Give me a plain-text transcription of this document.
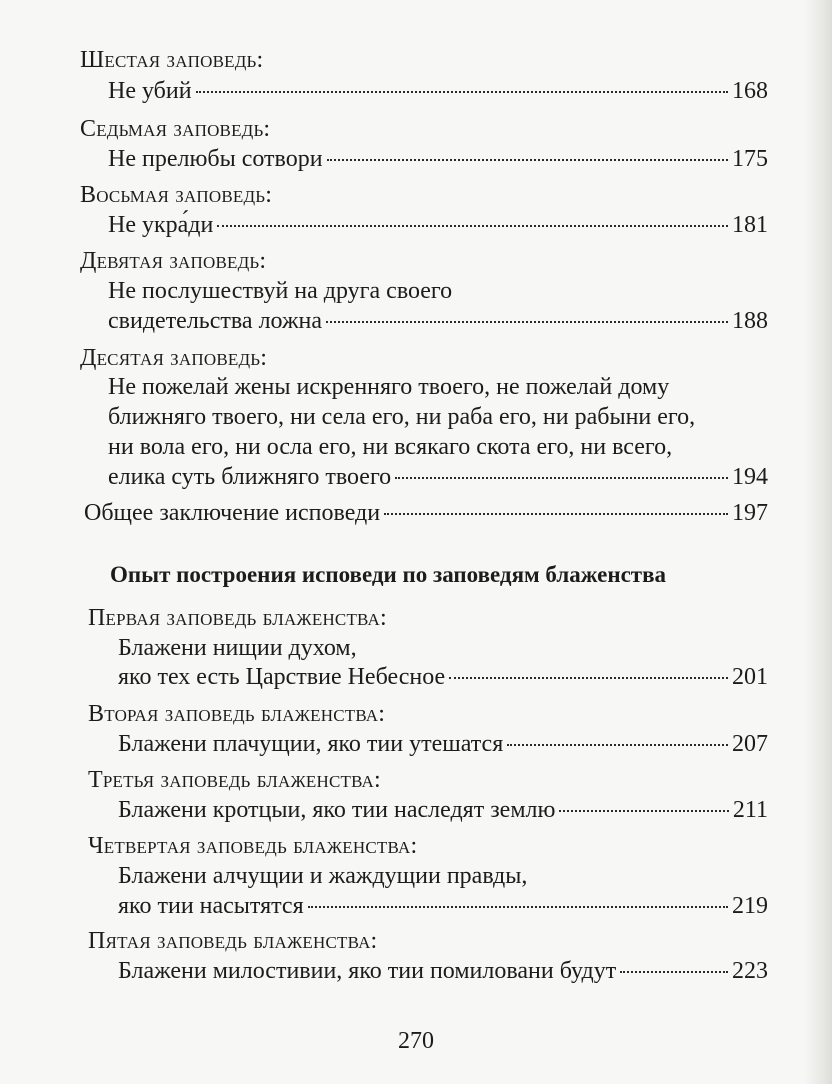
Шестая заповедь:
Не убий	168
Седьмая заповедь:
Не прелюбы сотвори	175
Восьмая заповедь:
Не укра́ди	181
Девятая заповедь:
Не послушествуй на друга своего
свидетельства ложна	188
Десятая заповедь:
Не пожелай жены искренняго твоего, не пожелай дому
ближняго твоего, ни села его, ни раба его, ни рабыни его,
ни вола его, ни осла его, ни всякаго скота его, ни всего,
елика суть ближняго твоего	194
Общее заключение исповеди	197
Опыт построения исповеди по заповедям блаженства
Первая заповедь блаженства:
Блажени нищии духом,
яко тех есть Царствие Небесное	201
Вторая заповедь блаженства:
Блажени плачущии, яко тии утешатся	207
Третья заповедь блаженства:
Блажени кротцыи, яко тии наследят землю	211
Четвертая заповедь блаженства:
Блажени алчущии и жаждущии правды,
яко тии насытятся	219
Пятая заповедь блаженства:
Блажени милостивии, яко тии помиловани будут	223
270
